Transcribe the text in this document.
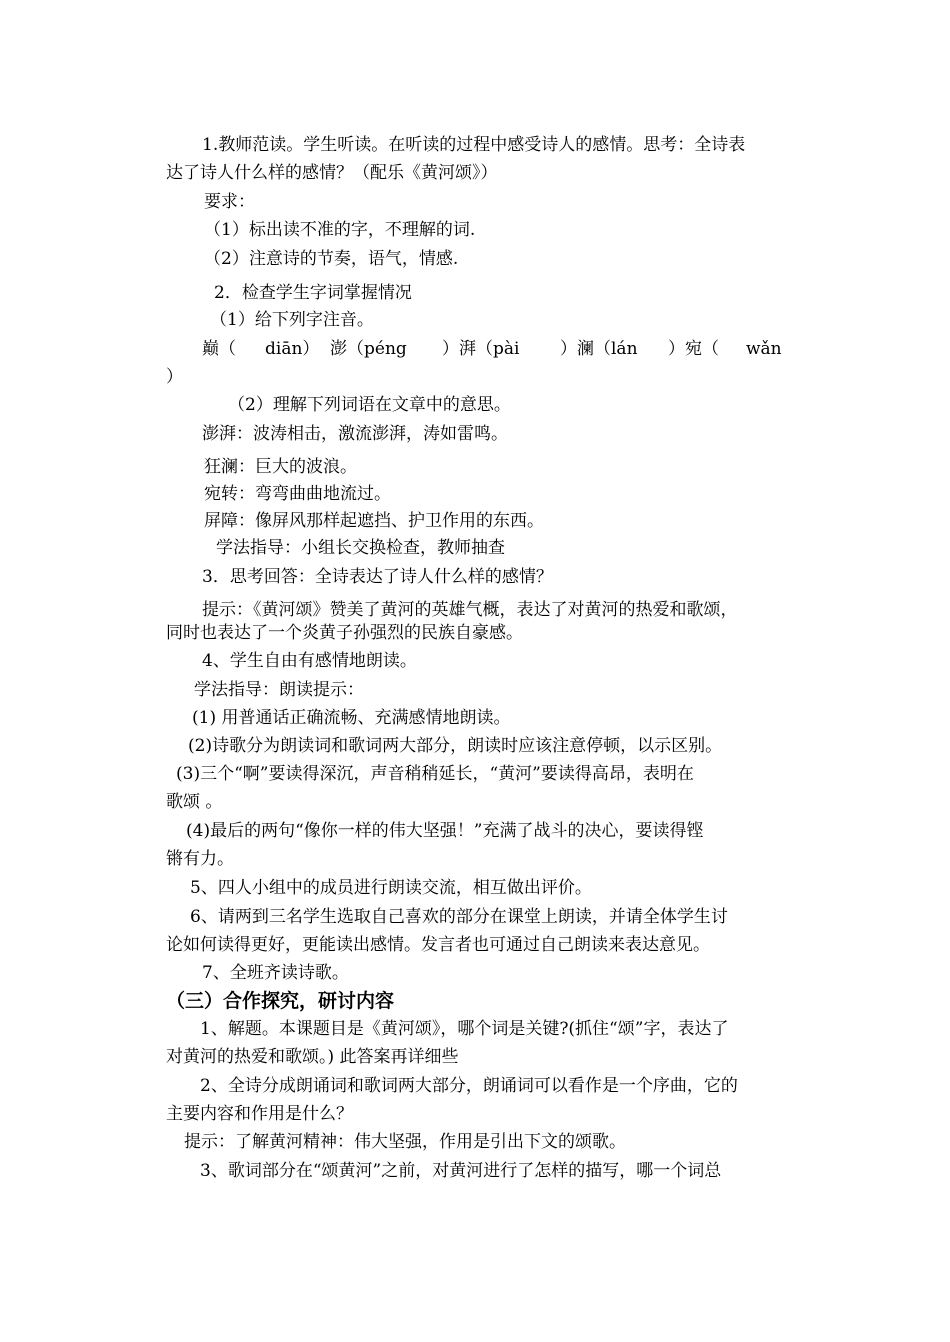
1.教师范读。学生听读。在听读的过程中感受诗人的感情。思考：全诗表
达了诗人什么样的感情？（配乐《黄河颂》）
要求：
（1）标出读不准的字，不理解的词.
（2）注意诗的节奏，语气，情感.
2．检查学生字词掌握情况
（1）给下列字注音。
巅（ diān） 澎（péng ）湃（pài ）澜（lán ）宛（ wǎn
）
（2）理解下列词语在文章中的意思。
澎湃：波涛相击，激流澎湃，涛如雷鸣。
狂澜：巨大的波浪。
宛转：弯弯曲曲地流过。
屏障：像屏风那样起遮挡、护卫作用的东西。
学法指导：小组长交换检查，教师抽查
3．思考回答：全诗表达了诗人什么样的感情？
提示：《黄河颂》赞美了黄河的英雄气概，表达了对黄河的热爱和歌颂，
同时也表达了一个炎黄子孙强烈的民族自豪感。
4、学生自由有感情地朗读。
学法指导：朗读提示：
(1) 用普通话正确流畅、充满感情地朗读。
(2)诗歌分为朗读词和歌词两大部分，朗读时应该注意停顿，以示区别。
(3)三个“啊”要读得深沉，声音稍稍延长，“黄河”要读得高昂，表明在
歌颂 。
(4)最后的两句“像你一样的伟大坚强！”充满了战斗的决心，要读得铿
锵有力。
5、四人小组中的成员进行朗读交流，相互做出评价。
6、请两到三名学生选取自己喜欢的部分在课堂上朗读，并请全体学生讨
论如何读得更好，更能读出感情。发言者也可通过自己朗读来表达意见。
7、全班齐读诗歌。
（三）合作探究，研讨内容
1、解题。本课题目是《黄河颂》，哪个词是关键?(抓住“颂”字，表达了
对黄河的热爱和歌颂。) 此答案再详细些
2、全诗分成朗诵词和歌词两大部分，朗诵词可以看作是一个序曲，它的
主要内容和作用是什么？
提示：了解黄河精神：伟大坚强，作用是引出下文的颂歌。
3、歌词部分在“颂黄河”之前，对黄河进行了怎样的描写，哪一个词总
